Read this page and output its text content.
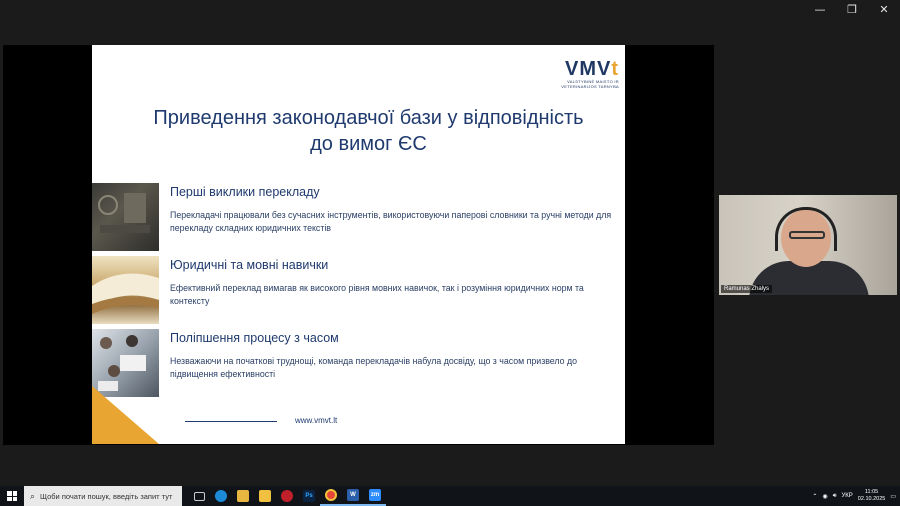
—	❐	✕
VMVt
VALSTYBINĖ MAISTO IR
VETERINARIJOS TARNYBA
Приведення законодавчої бази у відповідність
до вимог ЄС
Перші виклики перекладу
Перекладачі працювали без сучасних інструментів, використовуючи паперові словники та ручні методи для перекладу складних юридичних текстів
Юридичні та мовні навички
Ефективний переклад вимагав як високого рівня мовних навичок, так і розуміння юридичних норм та контексту
Поліпшення процесу з часом
Незважаючи на початкові труднощі, команда перекладачів набула досвіду, що з часом призвело до підвищення ефективності
www.vmvt.lt
Ramunas Zhalys
⌕ Щоби почати пошук, введіть запит тут	Ps	W	zm	⌃ ◉ 🔊︎ УКР
11:05
02.10.2025 ▭
